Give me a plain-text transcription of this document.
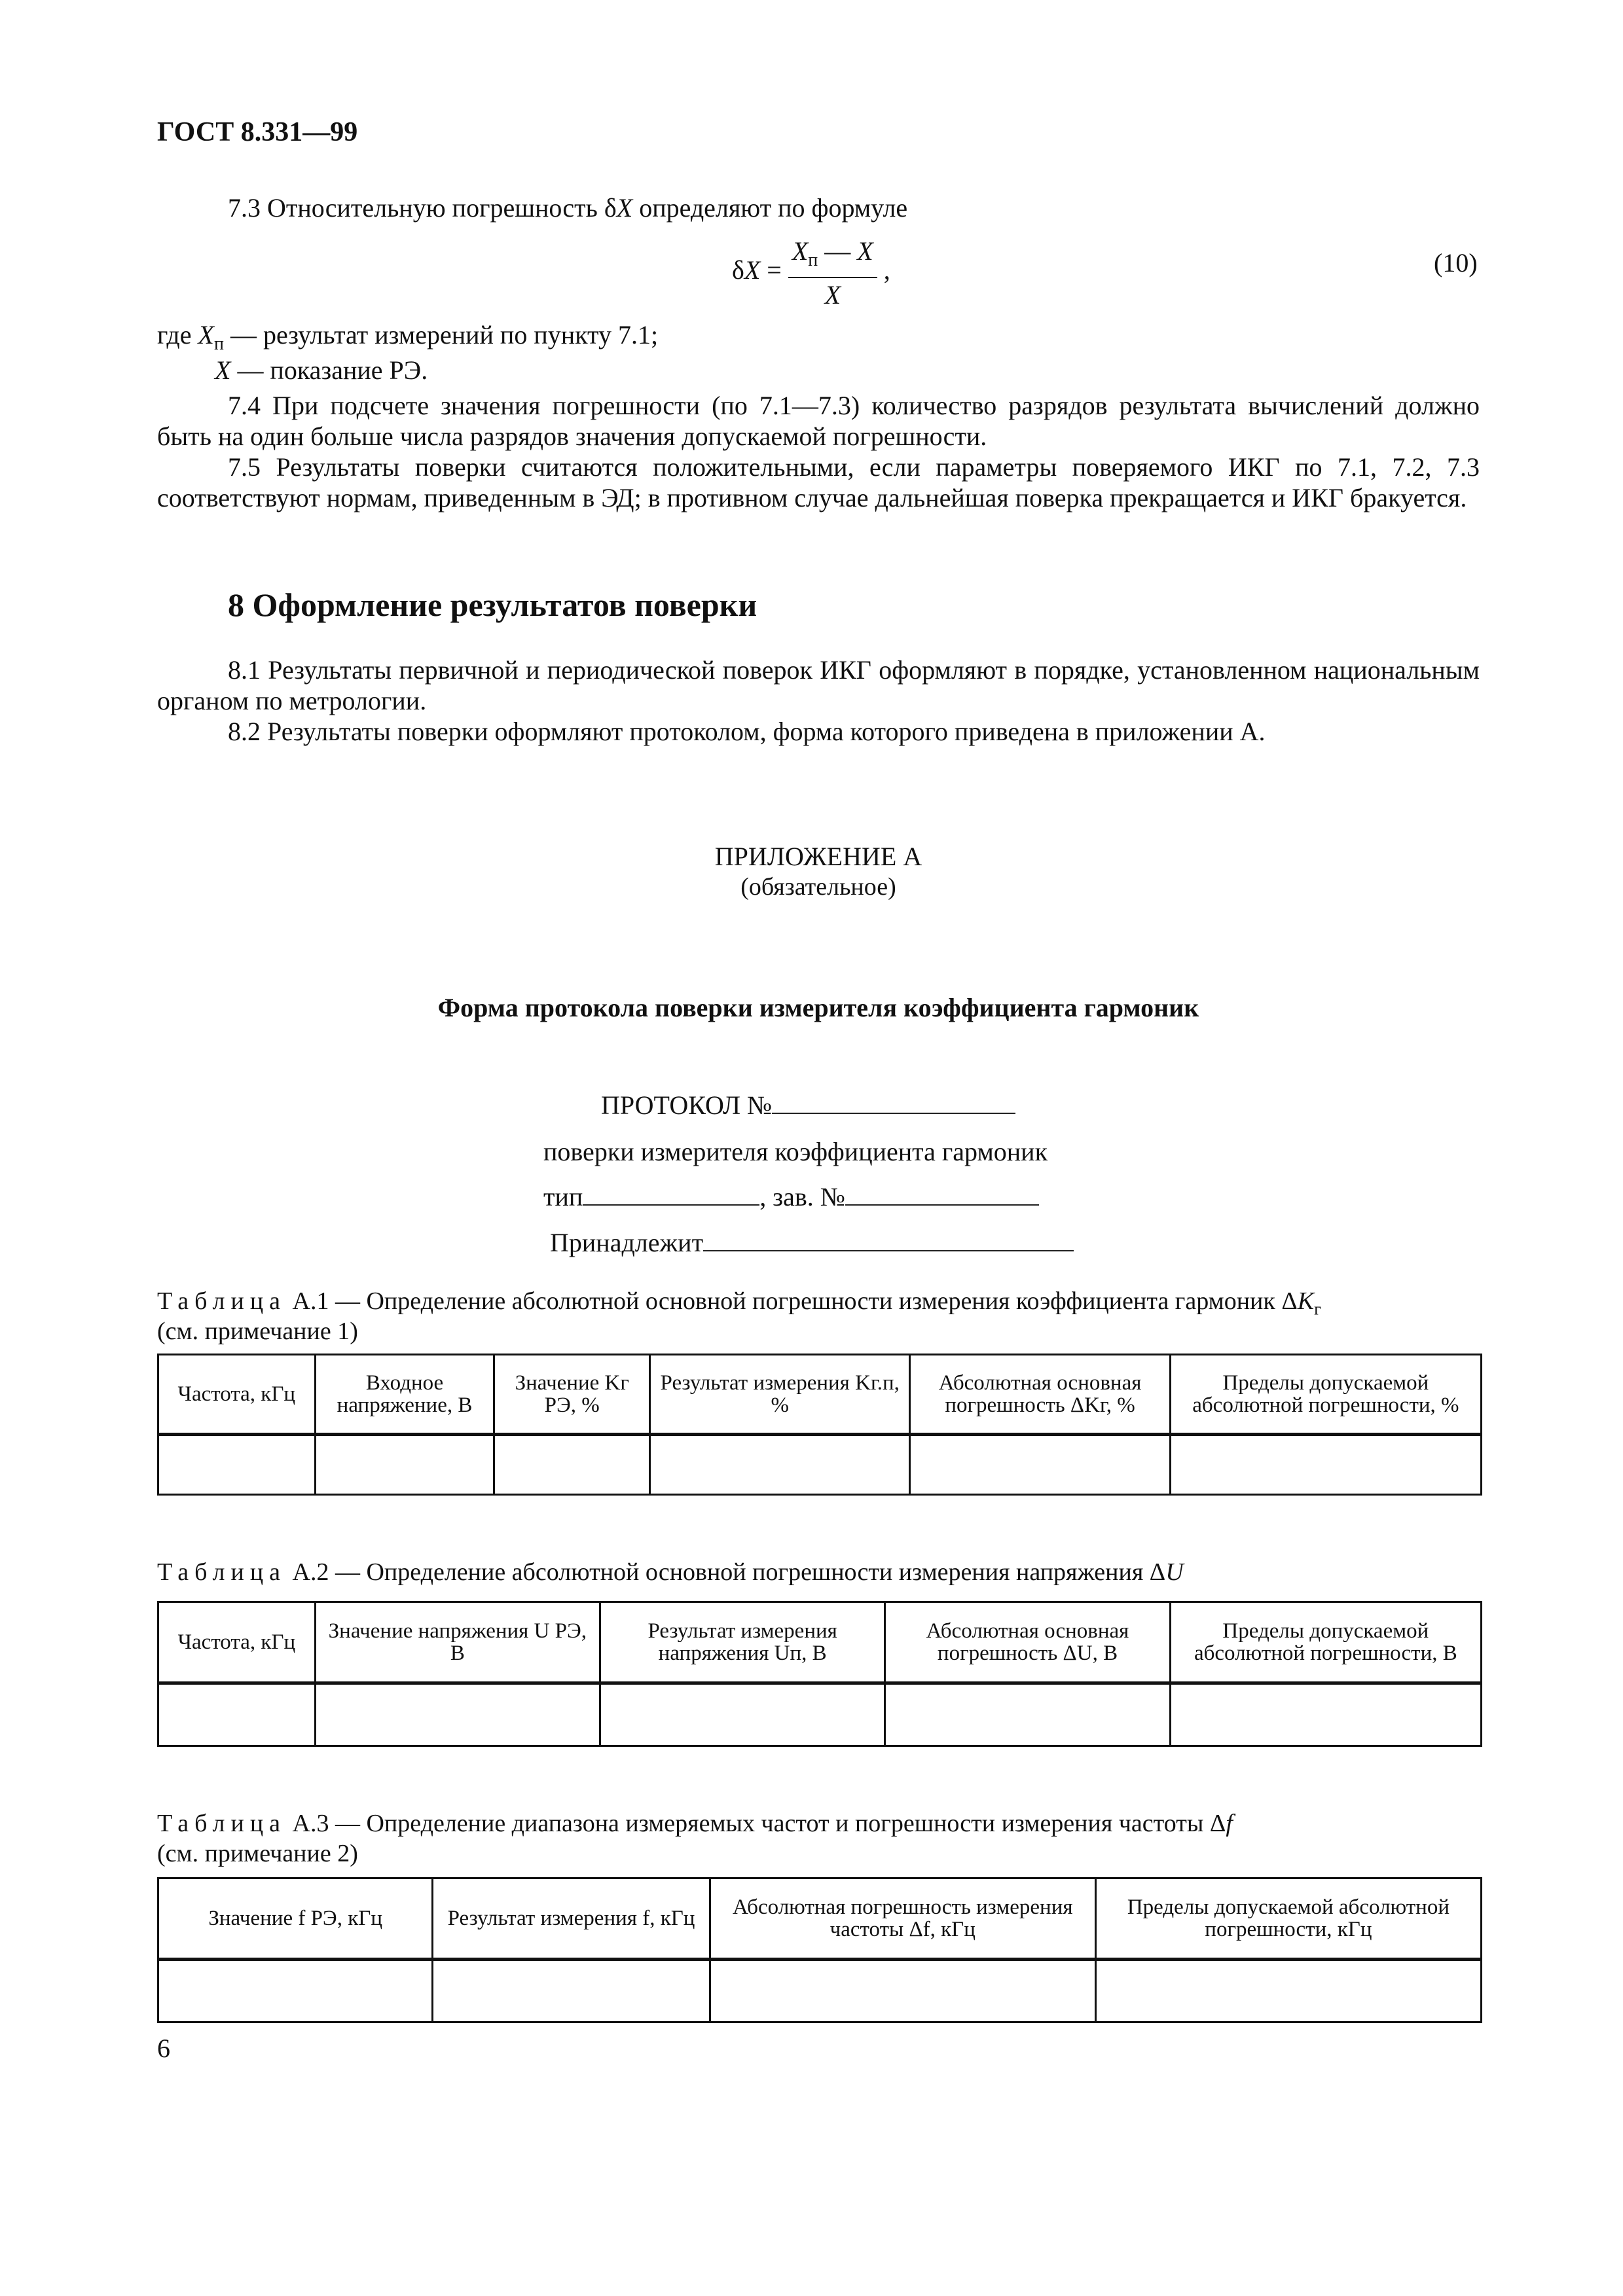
ГОСТ 8.331—99
7.3 Относительную погрешность δX определяют по формуле
$\delta X = \frac{X_п — X}{X}$ ,	(10)
где $X_п$ — результат измерений по пункту 7.1;
X — показание РЭ.
7.4 При подсчете значения погрешности (по 7.1—7.3) количество разрядов результата вычислений должно быть на один больше числа разрядов значения допускаемой погрешности.
7.5 Результаты поверки считаются положительными, если параметры поверяемого ИКГ по 7.1, 7.2, 7.3 соответствуют нормам, приведенным в ЭД; в противном случае дальнейшая поверка прекращается и ИКГ бракуется.
8 Оформление результатов поверки
8.1 Результаты первичной и периодической поверок ИКГ оформляют в порядке, установленном национальным органом по метрологии.
8.2 Результаты поверки оформляют протоколом, форма которого приведена в приложении А.
ПРИЛОЖЕНИЕ А
(обязательное)
Форма протокола поверки измерителя коэффициента гармоник
ПРОТОКОЛ №
поверки измерителя коэффициента гармоник
тип	, зав. №
Принадлежит
Таблица А.1 — Определение абсолютной основной погрешности измерения коэффициента гармоник $\Delta K_г$
(см. примечание 1)
Частота, кГц	Входное напряжение, В	Значение Kг РЭ, %	Результат измерения Kг.п, %	Абсолютная основная погрешность ΔKг, %	Пределы допускаемой абсолютной погрешности, %

Таблица А.2 — Определение абсолютной основной погрешности измерения напряжения ΔU
Частота, кГц	Значение напряжения U РЭ, В	Результат измерения напряжения Uп, В	Абсолютная основная погрешность ΔU, В	Пределы допускаемой абсолютной погрешности, В

Таблица А.3 — Определение диапазона измеряемых частот и погрешности измерения частоты Δf
(см. примечание 2)
Значение f РЭ, кГц	Результат измерения f, кГц	Абсолютная погрешность измерения частоты Δf, кГц	Пределы допускаемой абсолютной погрешности, кГц

6
